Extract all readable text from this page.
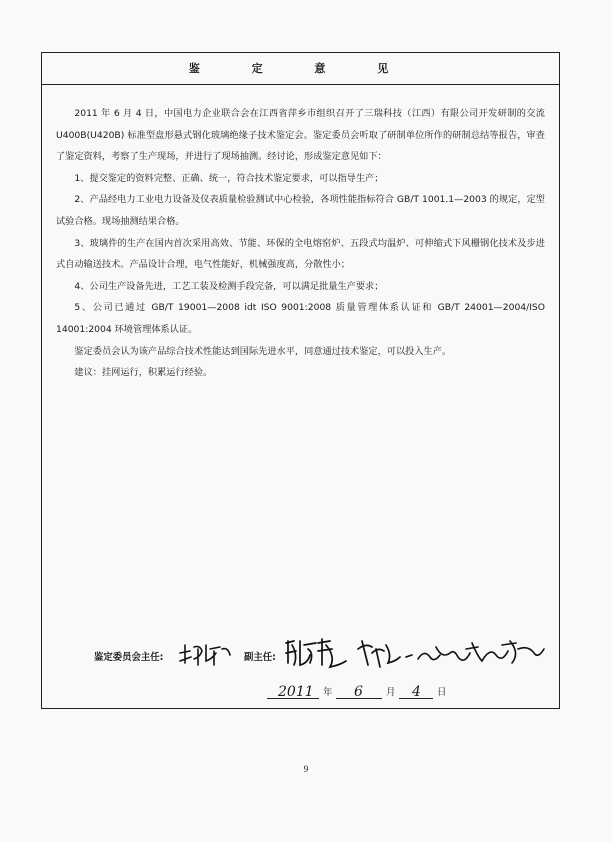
鉴 定 意 见

2011 年 6 月 4 日，中国电力企业联合会在江西省萍乡市组织召开了三瑞科技（江西）有限公司开发研制的交流 U400B(U420B) 标准型盘形悬式钢化玻璃绝缘子技术鉴定会。鉴定委员会听取了研制单位所作的研制总结等报告，审查了鉴定资料，考察了生产现场，并进行了现场抽测。经讨论，形成鉴定意见如下：

1、提交鉴定的资料完整、正确、统一，符合技术鉴定要求，可以指导生产；

2、产品经电力工业电力设备及仪表质量检验测试中心检验，各项性能指标符合 GB/T 1001.1—2003 的规定，定型试验合格。现场抽测结果合格。

3、玻璃件的生产在国内首次采用高效、节能、环保的全电熔窑炉、五段式均温炉、可伸缩式下风栅钢化技术及步进式自动输送技术。产品设计合理，电气性能好，机械强度高，分散性小；

4、公司生产设备先进，工艺工装及检测手段完备，可以满足批量生产要求；

5、公司已通过 GB/T 19001—2008 idt ISO 9001:2008 质量管理体系认证和 GB/T 24001—2004/ISO 14001:2004 环境管理体系认证。

鉴定委员会认为该产品综合技术性能达到国际先进水平，同意通过技术鉴定，可以投入生产。

建议：挂网运行，积累运行经验。

鉴定委员会主任:	副主任:
2011 年 6 月 4 日
9
